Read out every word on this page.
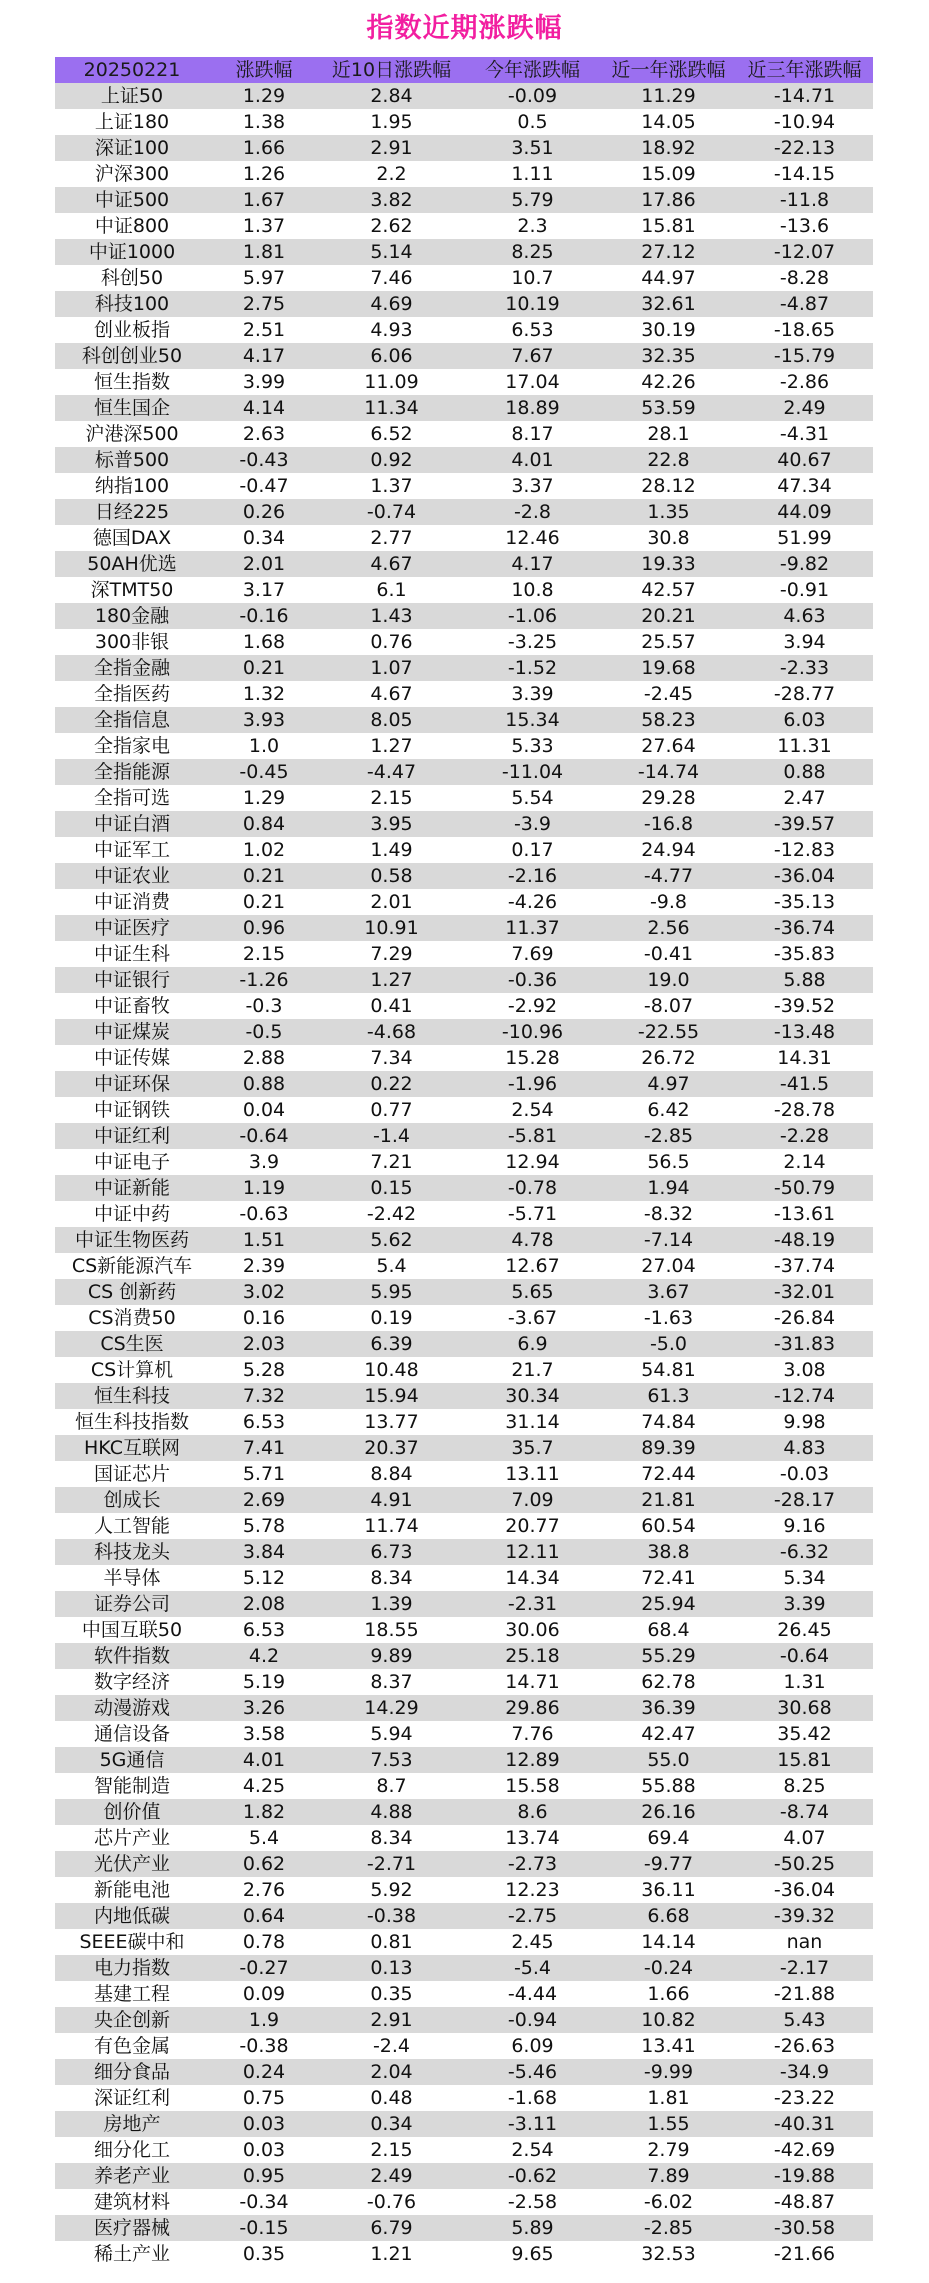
指数近期涨跌幅
20250221	涨跌幅	近10日涨跌幅	今年涨跌幅	近一年涨跌幅	近三年涨跌幅
上证50	1.29	2.84	-0.09	11.29	-14.71
上证180	1.38	1.95	0.5	14.05	-10.94
深证100	1.66	2.91	3.51	18.92	-22.13
沪深300	1.26	2.2	1.11	15.09	-14.15
中证500	1.67	3.82	5.79	17.86	-11.8
中证800	1.37	2.62	2.3	15.81	-13.6
中证1000	1.81	5.14	8.25	27.12	-12.07
科创50	5.97	7.46	10.7	44.97	-8.28
科技100	2.75	4.69	10.19	32.61	-4.87
创业板指	2.51	4.93	6.53	30.19	-18.65
科创创业50	4.17	6.06	7.67	32.35	-15.79
恒生指数	3.99	11.09	17.04	42.26	-2.86
恒生国企	4.14	11.34	18.89	53.59	2.49
沪港深500	2.63	6.52	8.17	28.1	-4.31
标普500	-0.43	0.92	4.01	22.8	40.67
纳指100	-0.47	1.37	3.37	28.12	47.34
日经225	0.26	-0.74	-2.8	1.35	44.09
德国DAX	0.34	2.77	12.46	30.8	51.99
50AH优选	2.01	4.67	4.17	19.33	-9.82
深TMT50	3.17	6.1	10.8	42.57	-0.91
180金融	-0.16	1.43	-1.06	20.21	4.63
300非银	1.68	0.76	-3.25	25.57	3.94
全指金融	0.21	1.07	-1.52	19.68	-2.33
全指医药	1.32	4.67	3.39	-2.45	-28.77
全指信息	3.93	8.05	15.34	58.23	6.03
全指家电	1.0	1.27	5.33	27.64	11.31
全指能源	-0.45	-4.47	-11.04	-14.74	0.88
全指可选	1.29	2.15	5.54	29.28	2.47
中证白酒	0.84	3.95	-3.9	-16.8	-39.57
中证军工	1.02	1.49	0.17	24.94	-12.83
中证农业	0.21	0.58	-2.16	-4.77	-36.04
中证消费	0.21	2.01	-4.26	-9.8	-35.13
中证医疗	0.96	10.91	11.37	2.56	-36.74
中证生科	2.15	7.29	7.69	-0.41	-35.83
中证银行	-1.26	1.27	-0.36	19.0	5.88
中证畜牧	-0.3	0.41	-2.92	-8.07	-39.52
中证煤炭	-0.5	-4.68	-10.96	-22.55	-13.48
中证传媒	2.88	7.34	15.28	26.72	14.31
中证环保	0.88	0.22	-1.96	4.97	-41.5
中证钢铁	0.04	0.77	2.54	6.42	-28.78
中证红利	-0.64	-1.4	-5.81	-2.85	-2.28
中证电子	3.9	7.21	12.94	56.5	2.14
中证新能	1.19	0.15	-0.78	1.94	-50.79
中证中药	-0.63	-2.42	-5.71	-8.32	-13.61
中证生物医药	1.51	5.62	4.78	-7.14	-48.19
CS新能源汽车	2.39	5.4	12.67	27.04	-37.74
CS 创新药	3.02	5.95	5.65	3.67	-32.01
CS消费50	0.16	0.19	-3.67	-1.63	-26.84
CS生医	2.03	6.39	6.9	-5.0	-31.83
CS计算机	5.28	10.48	21.7	54.81	3.08
恒生科技	7.32	15.94	30.34	61.3	-12.74
恒生科技指数	6.53	13.77	31.14	74.84	9.98
HKC互联网	7.41	20.37	35.7	89.39	4.83
国证芯片	5.71	8.84	13.11	72.44	-0.03
创成长	2.69	4.91	7.09	21.81	-28.17
人工智能	5.78	11.74	20.77	60.54	9.16
科技龙头	3.84	6.73	12.11	38.8	-6.32
半导体	5.12	8.34	14.34	72.41	5.34
证券公司	2.08	1.39	-2.31	25.94	3.39
中国互联50	6.53	18.55	30.06	68.4	26.45
软件指数	4.2	9.89	25.18	55.29	-0.64
数字经济	5.19	8.37	14.71	62.78	1.31
动漫游戏	3.26	14.29	29.86	36.39	30.68
通信设备	3.58	5.94	7.76	42.47	35.42
5G通信	4.01	7.53	12.89	55.0	15.81
智能制造	4.25	8.7	15.58	55.88	8.25
创价值	1.82	4.88	8.6	26.16	-8.74
芯片产业	5.4	8.34	13.74	69.4	4.07
光伏产业	0.62	-2.71	-2.73	-9.77	-50.25
新能电池	2.76	5.92	12.23	36.11	-36.04
内地低碳	0.64	-0.38	-2.75	6.68	-39.32
SEEE碳中和	0.78	0.81	2.45	14.14	nan
电力指数	-0.27	0.13	-5.4	-0.24	-2.17
基建工程	0.09	0.35	-4.44	1.66	-21.88
央企创新	1.9	2.91	-0.94	10.82	5.43
有色金属	-0.38	-2.4	6.09	13.41	-26.63
细分食品	0.24	2.04	-5.46	-9.99	-34.9
深证红利	0.75	0.48	-1.68	1.81	-23.22
房地产	0.03	0.34	-3.11	1.55	-40.31
细分化工	0.03	2.15	2.54	2.79	-42.69
养老产业	0.95	2.49	-0.62	7.89	-19.88
建筑材料	-0.34	-0.76	-2.58	-6.02	-48.87
医疗器械	-0.15	6.79	5.89	-2.85	-30.58
稀土产业	0.35	1.21	9.65	32.53	-21.66
